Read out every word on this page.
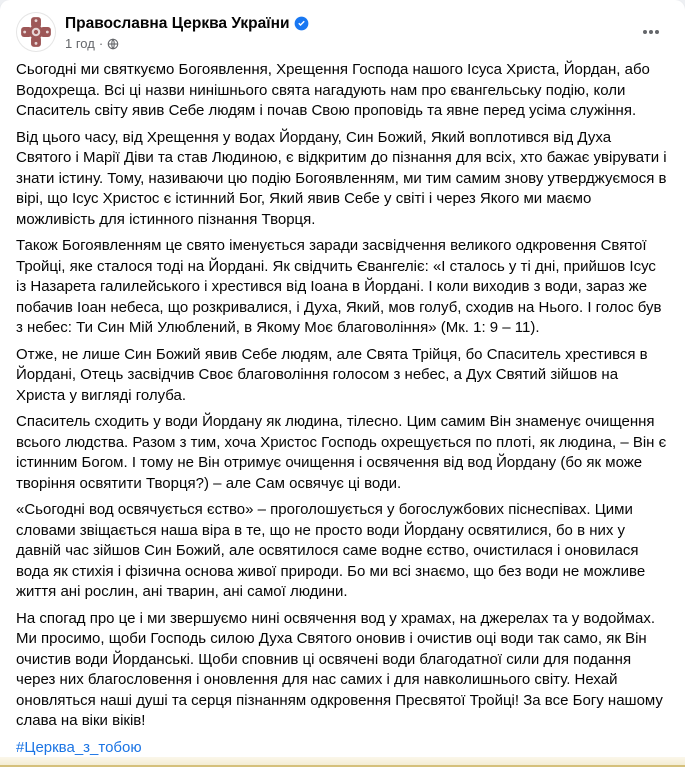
Православна Церква України
1 год ·

Сьогодні ми святкуємо Богоявлення, Хрещення Господа нашого Ісуса Христа, Йордан, або Водохреща. Всі ці назви нинішнього свята нагадують нам про євангельську подію, коли Спаситель світу явив Себе людям і почав Свою проповідь та явне перед усіма служіння.

Від цього часу, від Хрещення у водах Йордану, Син Божий, Який воплотився від Духа Святого і Марії Діви та став Людиною, є відкритим до пізнання для всіх, хто бажає увірувати і знати істину. Тому, називаючи цю подію Богоявленням, ми тим самим знову утверджуємося в вірі, що Ісус Христос є істинний Бог, Який явив Себе у світі і через Якого ми маємо можливість для істинного пізнання Творця.

Також Богоявленням це свято іменується заради засвідчення великого одкровення Святої Тройці, яке сталося тоді на Йордані. Як свідчить Євангеліє: «І сталось у ті дні, прийшов Ісус із Назарета галилейського і хрестився від Іоана в Йордані. І коли виходив з води, зараз же побачив Іоан небеса, що розкривалися, і Духа, Який, мов голуб, сходив на Нього. І голос був з небес: Ти Син Мій Улюблений, в Якому Моє благовоління» (Мк. 1: 9 – 11).

Отже, не лише Син Божий явив Себе людям, але Свята Трійця, бо Спаситель хрестився в Йордані, Отець засвідчив Своє благовоління голосом з небес, а Дух Святий зійшов на Христа у вигляді голуба.

Спаситель сходить у води Йордану як людина, тілесно. Цим самим Він знаменує очищення всього людства. Разом з тим, хоча Христос Господь охрещується по плоті, як людина, – Він є істинним Богом. І тому не Він отримує очищення і освячення від вод Йордану (бо як може творіння освятити Творця?) – але Сам освячує ці води.

«Сьогодні вод освячується єство» – проголошується у богослужбових піснеспівах. Цими словами звіщається наша віра в те, що не просто води Йордану освятилися, бо в них у давній час зійшов Син Божий, але освятилося саме водне єство, очистилася і оновилася вода як стихія і фізична основа живої природи. Бо ми всі знаємо, що без води не можливе життя ані рослин, ані тварин, ані самої людини.

На спогад про це і ми звершуємо нині освячення вод у храмах, на джерелах та у водоймах. Ми просимо, щоби Господь силою Духа Святого оновив і очистив оці води так само, як Він очистив води Йорданські. Щоби сповнив ці освячені води благодатної сили для подання через них благословення і оновлення для нас самих і для навколишнього світу. Нехай оновляться наші душі та серця пізнанням одкровення Пресвятої Тройці! За все Богу нашому слава на віки віків!

#Церква_з_тобою
